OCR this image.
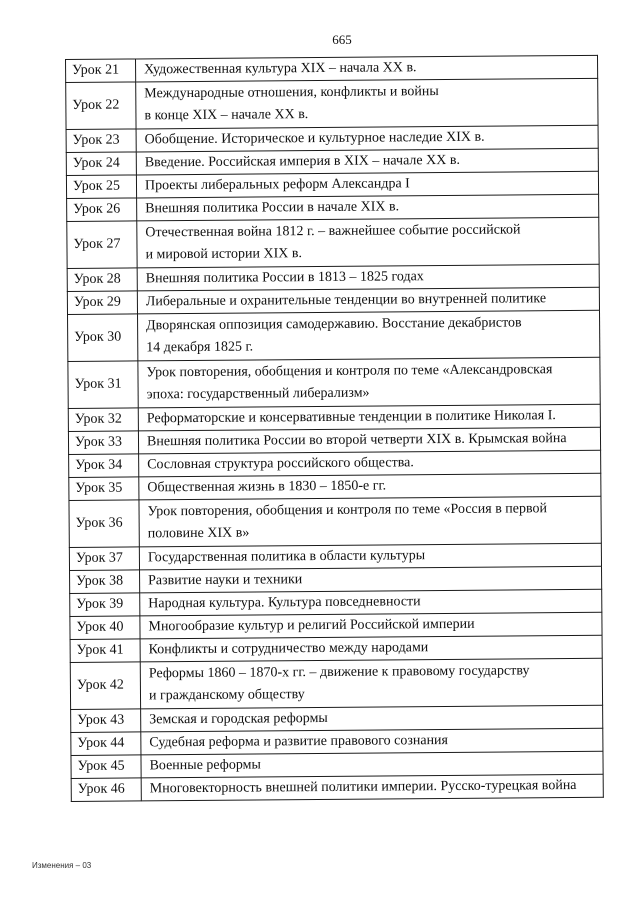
665
Урок 21	Художественная культура XIX – начала XX в.

Урок 22	Международные отношения, конфликты и войны
в конце XIX – начале XX в.

Урок 23	Обобщение. Историческое и культурное наследие XIX в.

Урок 24	Введение. Российская империя в XIX – начале XX в.

Урок 25	Проекты либеральных реформ Александра I

Урок 26	Внешняя политика России в начале XIX в.

Урок 27	Отечественная война 1812 г. – важнейшее событие российской
и мировой истории XIX в.

Урок 28	Внешняя политика России в 1813 – 1825 годах

Урок 29	Либеральные и охранительные тенденции во внутренней политике

Урок 30	Дворянская оппозиция самодержавию. Восстание декабристов
14 декабря 1825 г.

Урок 31	Урок повторения, обобщения и контроля по теме «Александровская
эпоха: государственный либерализм»

Урок 32	Реформаторские и консервативные тенденции в политике Николая I.

Урок 33	Внешняя политика России во второй четверти XIX в. Крымская война

Урок 34	Сословная структура российского общества.

Урок 35	Общественная жизнь в 1830 – 1850-е гг.

Урок 36	Урок повторения, обобщения и контроля по теме «Россия в первой
половине XIX в»

Урок 37	Государственная политика в области культуры

Урок 38	Развитие науки и техники

Урок 39	Народная культура. Культура повседневности

Урок 40	Многообразие культур и религий Российской империи

Урок 41	Конфликты и сотрудничество между народами

Урок 42	Реформы 1860 – 1870-х гг. – движение к правовому государству
и гражданскому обществу

Урок 43	Земская и городская реформы

Урок 44	Судебная реформа и развитие правового сознания

Урок 45	Военные реформы

Урок 46	Многовекторность внешней политики империи. Русско-турецкая война
Изменения – 03
